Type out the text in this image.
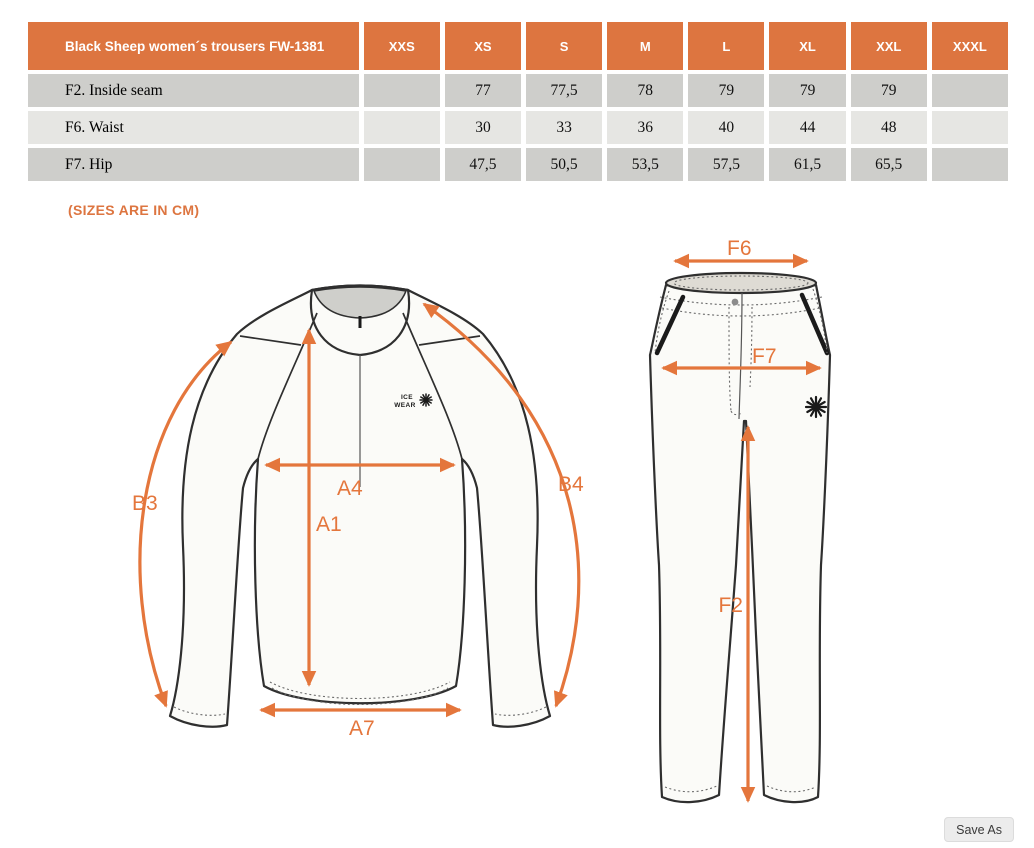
Black Sheep women´s trousers FW-1381	XXS	XS	S	M	L	XL	XXL	XXXL
F2. Inside seam		77	77,5	78	79	79	79	
F6. Waist		30	33	36	40	44	48	
F7. Hip		47,5	50,5	53,5	57,5	61,5	65,5	
(SIZES ARE IN CM)
ICE
WEAR
B3
A4
A1
B4
A7
F6
F7
F2
Save As
